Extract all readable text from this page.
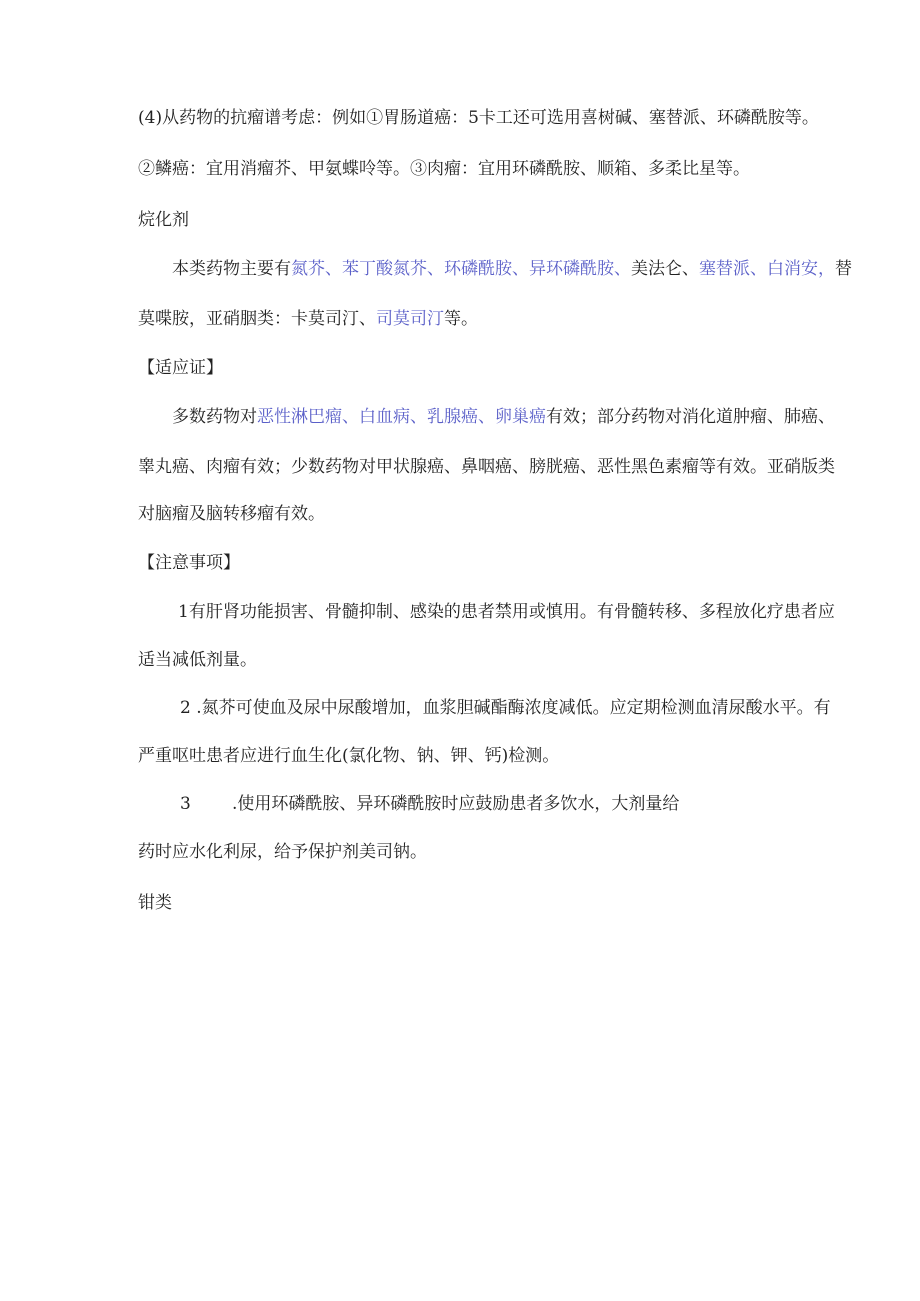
(4)从药物的抗瘤谱考虑：例如①胃肠道癌：5卡工还可选用喜树碱、塞替派、环磷酰胺等。
②鳞癌：宜用消瘤芥、甲氨蝶呤等。③肉瘤：宜用环磷酰胺、顺箱、多柔比星等。
烷化剂
本类药物主要有氮芥、苯丁酸氮芥、环磷酰胺、异环磷酰胺、美法仑、塞替派、白消安，替
莫喋胺，亚硝胭类：卡莫司汀、司莫司汀等。
【适应证】
多数药物对恶性淋巴瘤、白血病、乳腺癌、卵巢癌有效；部分药物对消化道肿瘤、肺癌、
睾丸癌、肉瘤有效；少数药物对甲状腺癌、鼻咽癌、膀胱癌、恶性黑色素瘤等有效。亚硝版类
对脑瘤及脑转移瘤有效。
【注意事项】
1有肝肾功能损害、骨髓抑制、感染的患者禁用或慎用。有骨髓转移、多程放化疗患者应
适当减低剂量。
2 .氮芥可使血及尿中尿酸增加，血浆胆碱酯酶浓度减低。应定期检测血清尿酸水平。有
严重呕吐患者应进行血生化(氯化物、钠、钾、钙)检测。
3 .使用环磷酰胺、异环磷酰胺时应鼓励患者多饮水，大剂量给
药时应水化利尿，给予保护剂美司钠。
钳类
